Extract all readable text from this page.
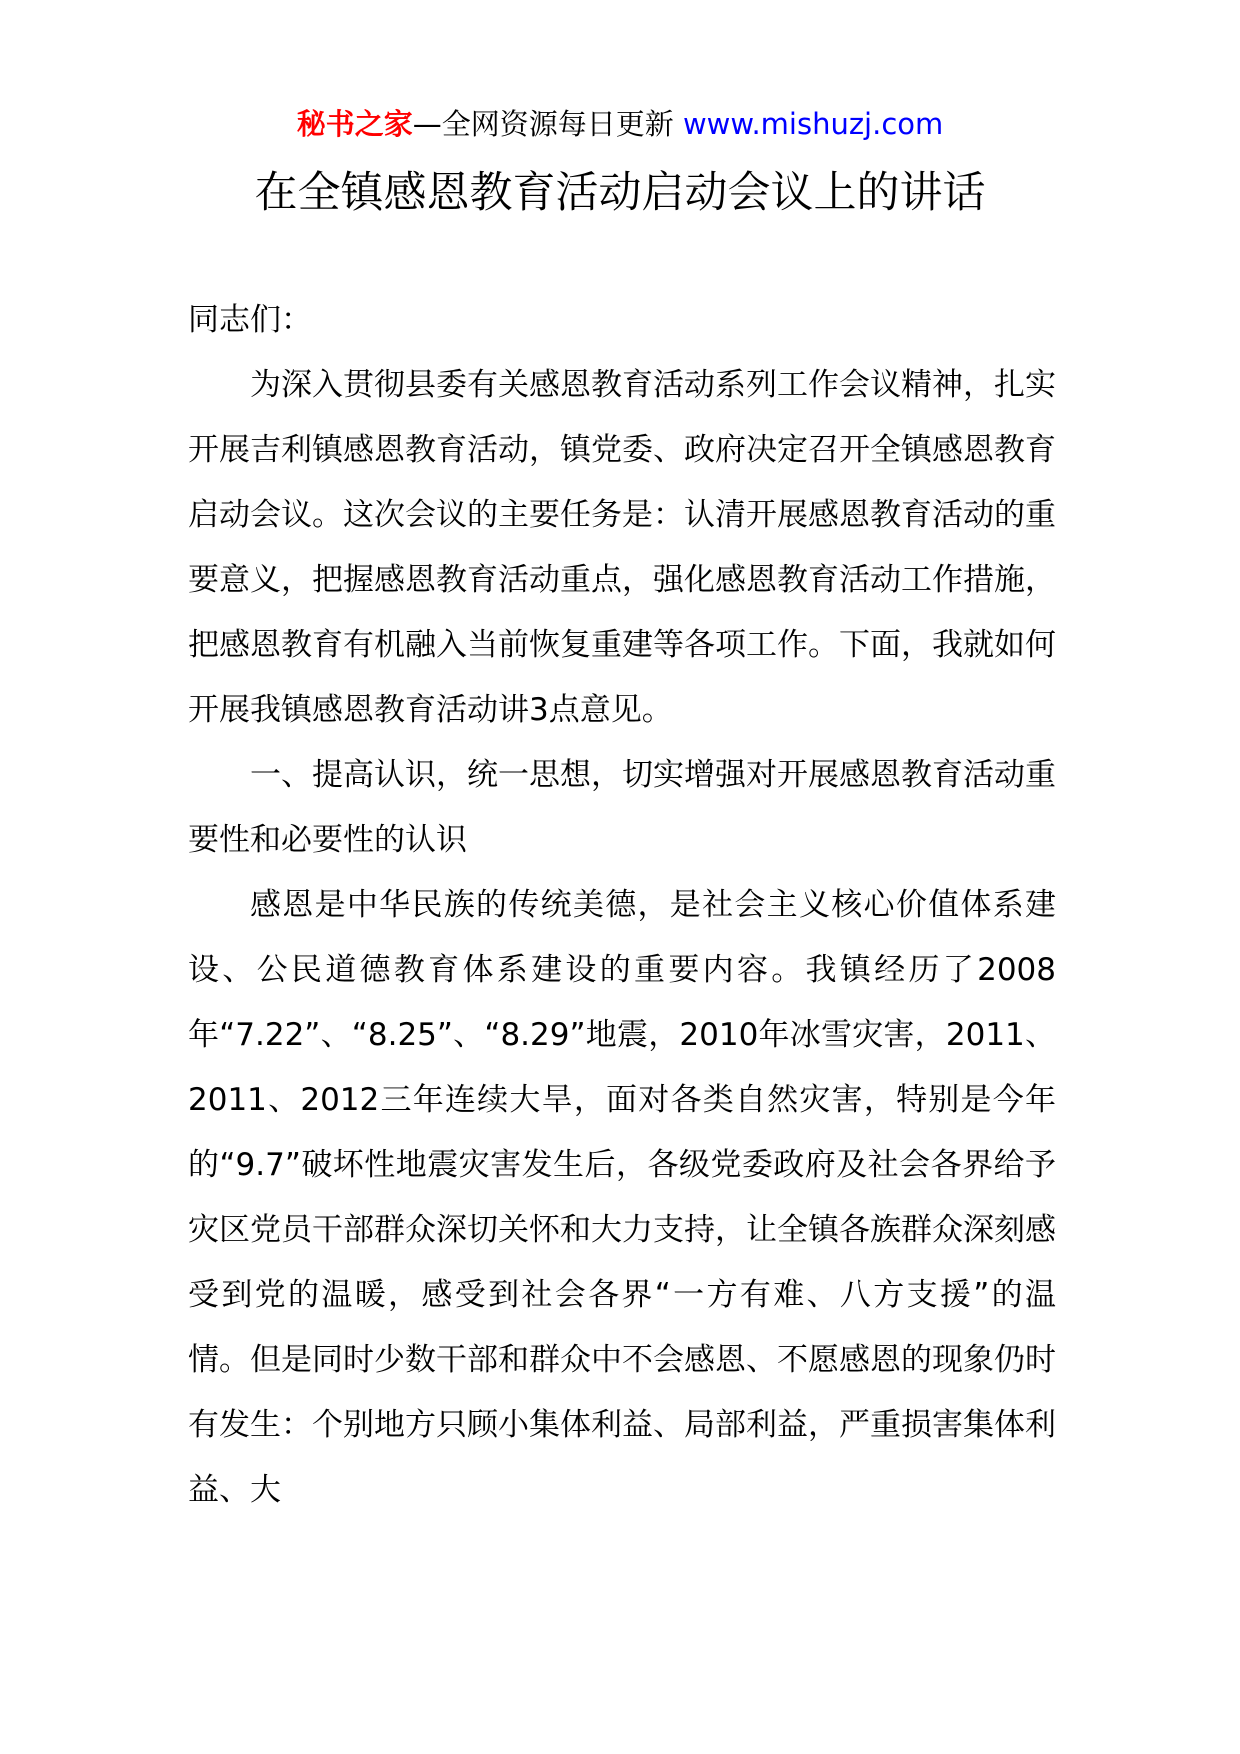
秘书之家—全网资源每日更新 www.mishuzj.com
在全镇感恩教育活动启动会议上的讲话

同志们：

为深入贯彻县委有关感恩教育活动系列工作会议精神，扎实开展吉利镇感恩教育活动，镇党委、政府决定召开全镇感恩教育启动会议。这次会议的主要任务是：认清开展感恩教育活动的重要意义，把握感恩教育活动重点，强化感恩教育活动工作措施，把感恩教育有机融入当前恢复重建等各项工作。下面，我就如何开展我镇感恩教育活动讲3点意见。

一、提高认识，统一思想，切实增强对开展感恩教育活动重要性和必要性的认识

感恩是中华民族的传统美德，是社会主义核心价值体系建设、公民道德教育体系建设的重要内容。我镇经历了2008年“7.22”、“8.25”、“8.29”地震，2010年冰雪灾害，2011、2011、2012三年连续大旱，面对各类自然灾害，特别是今年的“9.7”破坏性地震灾害发生后，各级党委政府及社会各界给予灾区党员干部群众深切关怀和大力支持，让全镇各族群众深刻感受到党的温暖，感受到社会各界“一方有难、八方支援”的温情。但是同时少数干部和群众中不会感恩、不愿感恩的现象仍时有发生：个别地方只顾小集体利益、局部利益，严重损害集体利益、大
